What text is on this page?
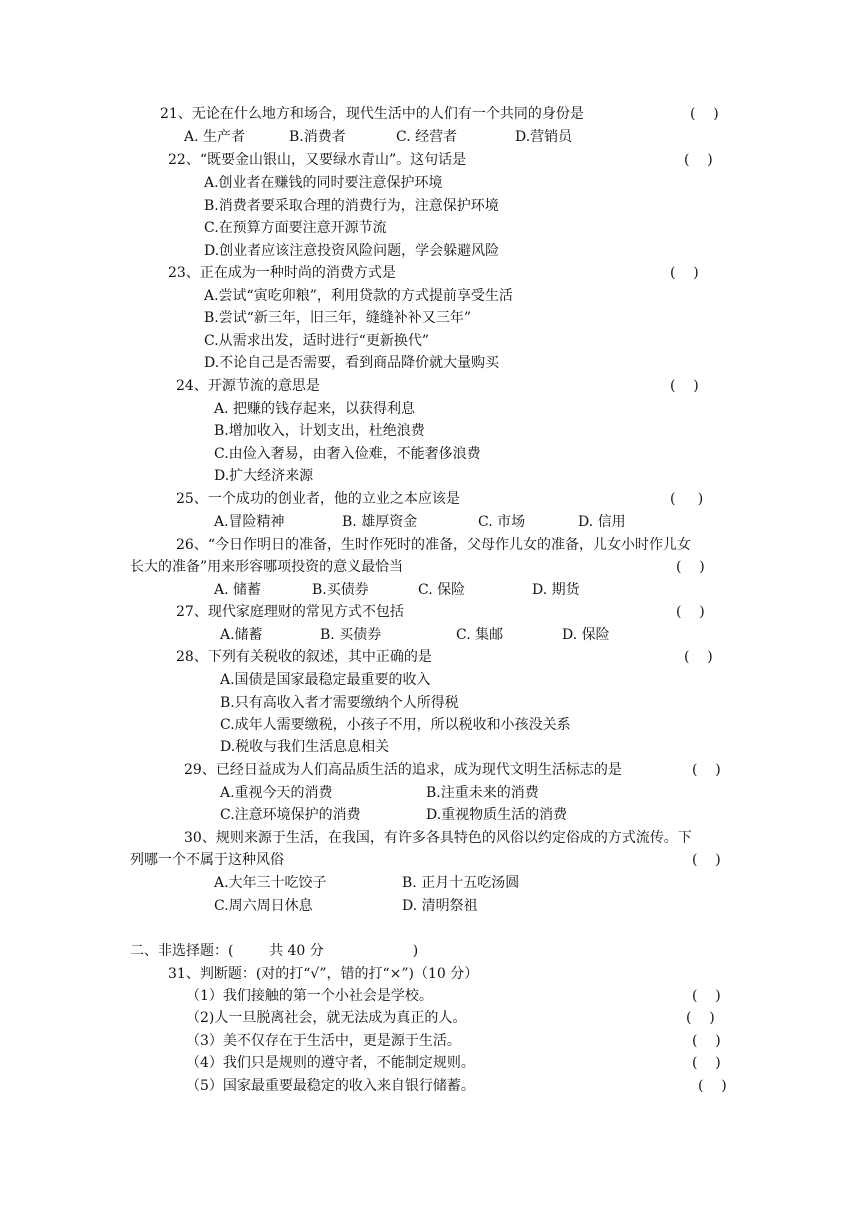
21、无论在什么地方和场合，现代生活中的人们有一个共同的身份是	(    )
A. 生产者	B.消费者	C. 经营者	D.营销员
22、“既要金山银山，又要绿水青山”。这句话是	(    )
A.创业者在赚钱的同时要注意保护环境
B.消费者要采取合理的消费行为，注意保护环境
C.在预算方面要注意开源节流
D.创业者应该注意投资风险问题，学会躲避风险
23、正在成为一种时尚的消费方式是	(    )
A.尝试“寅吃卯粮”，利用贷款的方式提前享受生活
B.尝试“新三年，旧三年，缝缝补补又三年”
C.从需求出发，适时进行“更新换代”
D.不论自己是否需要，看到商品降价就大量购买
24、开源节流的意思是	(    )
A. 把赚的钱存起来，以获得利息
B.增加收入，计划支出，杜绝浪费
C.由俭入奢易，由奢入俭难，不能奢侈浪费
D.扩大经济来源
25、一个成功的创业者，他的立业之本应该是	(     )
A.冒险精神	B. 雄厚资金	C. 市场	D. 信用
26、“今日作明日的准备，生时作死时的准备，父母作儿女的准备，儿女小时作儿女
长大的准备”用来形容哪项投资的意义最恰当	(    )
A. 储蓄	B.买债券	C. 保险	D. 期货
27、现代家庭理财的常见方式不包括	(    )
A.储蓄	B. 买债券	C. 集邮	D. 保险
28、下列有关税收的叙述，其中正确的是	(    )
A.国债是国家最稳定最重要的收入
B.只有高收入者才需要缴纳个人所得税
C.成年人需要缴税，小孩子不用，所以税收和小孩没关系
D.税收与我们生活息息相关
29、已经日益成为人们高品质生活的追求，成为现代文明生活标志的是	(    )
A.重视今天的消费	B.注重未来的消费
C.注意环境保护的消费	D.重视物质生活的消费
30、规则来源于生活，在我国，有许多各具特色的风俗以约定俗成的方式流传。下
列哪一个不属于这种风俗	(    )
A.大年三十吃饺子	B. 正月十五吃汤圆
C.周六周日休息	D. 清明祭祖
二、非选择题：(        共 40 分                    )
31、判断题：(对的打“√”，错的打“×”)（10 分）
（1）我们接触的第一个小社会是学校。	(    )
（2)人一旦脱离社会，就无法成为真正的人。	(    )
（3）美不仅存在于生活中，更是源于生活。	(    )
（4）我们只是规则的遵守者，不能制定规则。	(    )
（5）国家最重要最稳定的收入来自银行储蓄。	(    )
